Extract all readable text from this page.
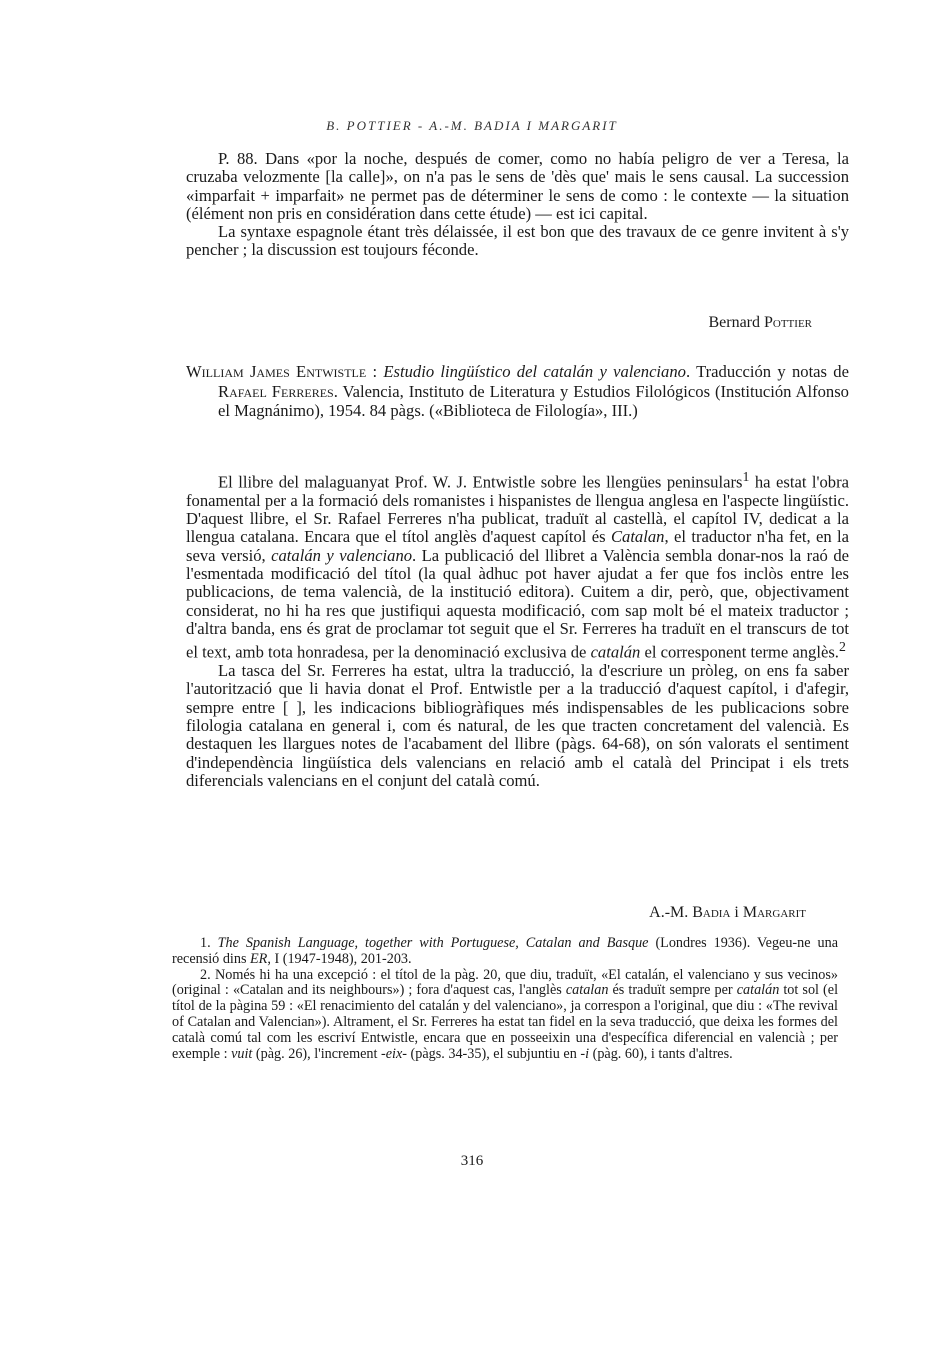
B. POTTIER - A.-M. BADIA I MARGARIT

P. 88. Dans «por la noche, después de comer, como no había peligro de ver a Teresa, la cruzaba velozmente [la calle]», on n'a pas le sens de 'dès que' mais le sens causal. La succession «imparfait + imparfait» ne permet pas de déterminer le sens de como : le contexte — la situation (élément non pris en considération dans cette étude) — est ici capital.

La syntaxe espagnole étant très délaissée, il est bon que des travaux de ce genre invitent à s'y pencher ; la discussion est toujours féconde.

Bernard Pottier
William James Entwistle : Estudio lingüístico del catalán y valenciano. Traducción y notas de Rafael Ferreres. Valencia, Instituto de Literatura y Estudios Filológicos (Institución Alfonso el Magnánimo), 1954. 84 pàgs. («Biblioteca de Filología», III.)

El llibre del malaguanyat Prof. W. J. Entwistle sobre les llengües peninsulars$^1$ ha estat l'obra fonamental per a la formació dels romanistes i hispanistes de llengua anglesa en l'aspecte lingüístic. D'aquest llibre, el Sr. Rafael Ferreres n'ha publicat, traduït al castellà, el capítol IV, dedicat a la llengua catalana. Encara que el títol anglès d'aquest capítol és Catalan, el traductor n'ha fet, en la seva versió, catalán y valenciano. La publicació del llibret a València sembla donar-nos la raó de l'esmentada modificació del títol (la qual àdhuc pot haver ajudat a fer que fos inclòs entre les publicacions, de tema valencià, de la institució editora). Cuitem a dir, però, que, objectivament considerat, no hi ha res que justifiqui aquesta modificació, com sap molt bé el mateix traductor ; d'altra banda, ens és grat de proclamar tot seguit que el Sr. Ferreres ha traduït en el transcurs de tot el text, amb tota honradesa, per la denominació exclusiva de catalán el corresponent terme anglès.$^2$

La tasca del Sr. Ferreres ha estat, ultra la traducció, la d'escriure un pròleg, on ens fa saber l'autorització que li havia donat el Prof. Entwistle per a la traducció d'aquest capítol, i d'afegir, sempre entre [ ], les indicacions bibliogràfiques més indispensables de les publicacions sobre filologia catalana en general i, com és natural, de les que tracten concretament del valencià. Es destaquen les llargues notes de l'acabament del llibre (pàgs. 64-68), on són valorats el sentiment d'independència lingüística dels valencians en relació amb el català del Principat i els trets diferencials valencians en el conjunt del català comú.

A.-M. Badia i Margarit

1. The Spanish Language, together with Portuguese, Catalan and Basque (Londres 1936). Vegeu-ne una recensió dins ER, I (1947-1948), 201-203.

2. Només hi ha una excepció : el títol de la pàg. 20, que diu, traduït, «El catalán, el valenciano y sus vecinos» (original : «Catalan and its neighbours») ; fora d'aquest cas, l'anglès catalan és traduït sempre per catalán tot sol (el títol de la pàgina 59 : «El renacimiento del catalán y del valenciano», ja correspon a l'original, que diu : «The revival of Catalan and Valencian»). Altrament, el Sr. Ferreres ha estat tan fidel en la seva traducció, que deixa les formes del català comú tal com les escriví Entwistle, encara que en posseeixin una d'específica diferencial en valencià ; per exemple : vuit (pàg. 26), l'increment -eix- (pàgs. 34-35), el subjuntiu en -i (pàg. 60), i tants d'altres.

316
